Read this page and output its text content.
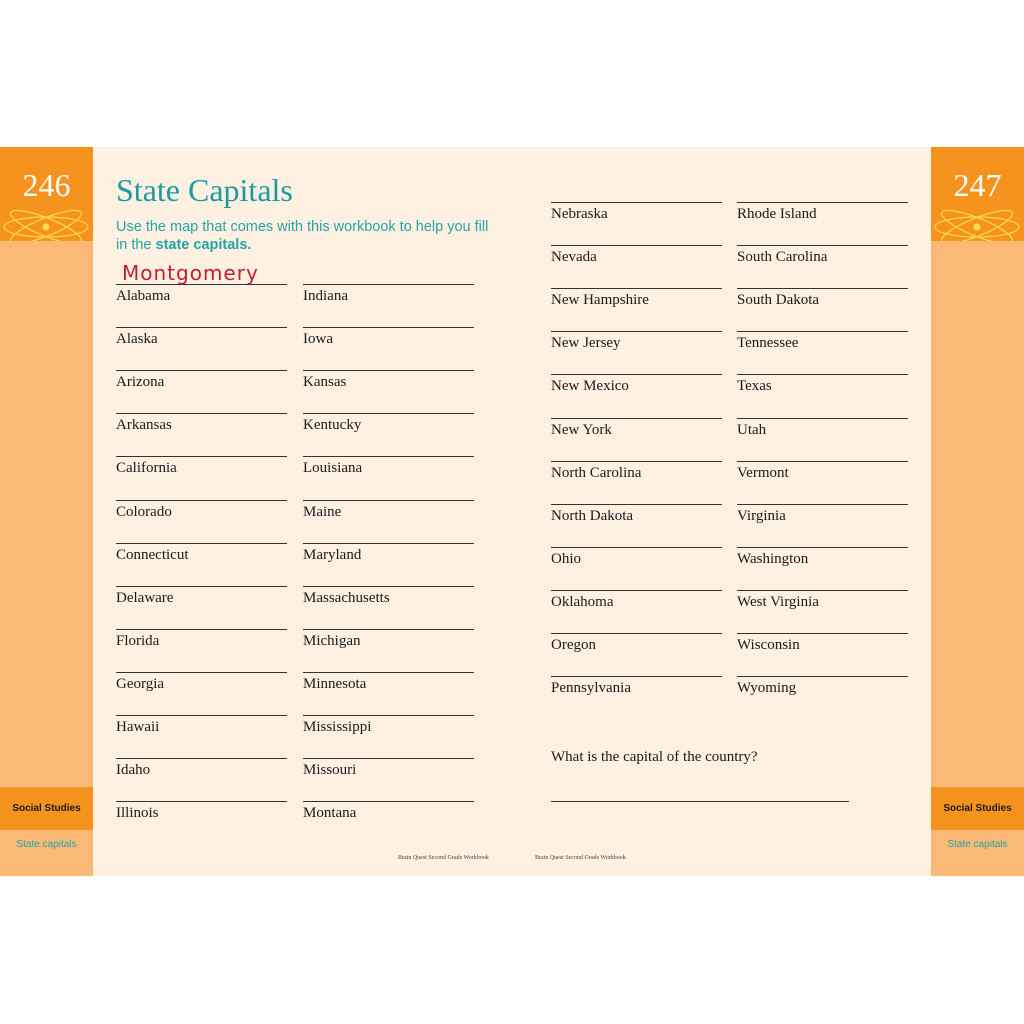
246
Social Studies
State capitals
247
Social Studies
State capitals
State Capitals
Use the map that comes with this workbook to help you fill in the state capitals.
Alabama
Montgomery
Alaska
Arizona
Arkansas
California
Colorado
Connecticut
Delaware
Florida
Georgia
Hawaii
Idaho
Illinois
Indiana
Iowa
Kansas
Kentucky
Louisiana
Maine
Maryland
Massachusetts
Michigan
Minnesota
Mississippi
Missouri
Montana
Nebraska
Nevada
New Hampshire
New Jersey
New Mexico
New York
North Carolina
North Dakota
Ohio
Oklahoma
Oregon
Pennsylvania
Rhode Island
South Carolina
South Dakota
Tennessee
Texas
Utah
Vermont
Virginia
Washington
West Virginia
Wisconsin
Wyoming
What is the capital of the country?
Brain Quest Second Grade Workbook	Brain Quest Second Grade Workbook
